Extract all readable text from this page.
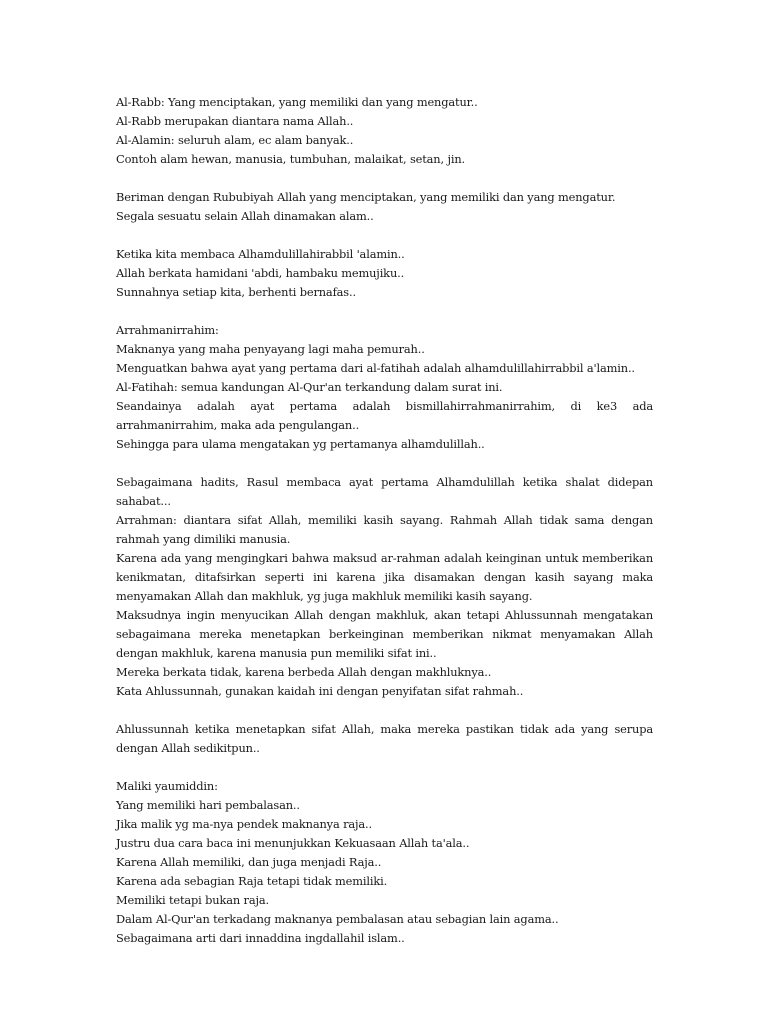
Al-Rabb: Yang menciptakan, yang memiliki dan yang mengatur..

Al-Rabb merupakan diantara nama Allah..

Al-Alamin: seluruh alam, ec alam banyak..

Contoh alam hewan, manusia, tumbuhan, malaikat, setan, jin.

Beriman dengan Rububiyah Allah yang menciptakan, yang memiliki dan yang mengatur.

Segala sesuatu selain Allah dinamakan alam..

Ketika kita membaca Alhamdulillahirabbil 'alamin..

Allah berkata hamidani 'abdi, hambaku memujiku..

Sunnahnya setiap kita, berhenti bernafas..

Arrahmanirrahim:

Maknanya yang maha penyayang lagi maha pemurah..

Menguatkan bahwa ayat yang pertama dari al-fatihah adalah alhamdulillahirrabbil a'lamin..

Al-Fatihah: semua kandungan Al-Qur'an terkandung dalam surat ini.

Seandainya adalah ayat pertama adalah bismillahirrahmanirrahim, di ke3 ada arrahmanirrahim, maka ada pengulangan..

Sehingga para ulama mengatakan yg pertamanya alhamdulillah..

Sebagaimana hadits, Rasul membaca ayat pertama Alhamdulillah ketika shalat didepan sahabat...

Arrahman: diantara sifat Allah, memiliki kasih sayang. Rahmah Allah tidak sama dengan rahmah yang dimiliki manusia.

Karena ada yang mengingkari bahwa maksud ar-rahman adalah keinginan untuk memberikan kenikmatan, ditafsirkan seperti ini karena jika disamakan dengan kasih sayang maka menyamakan Allah dan makhluk, yg juga makhluk memiliki kasih sayang.

Maksudnya ingin menyucikan Allah dengan makhluk, akan tetapi Ahlussunnah mengatakan sebagaimana mereka menetapkan berkeinginan memberikan nikmat menyamakan Allah dengan makhluk, karena manusia pun memiliki sifat ini..

Mereka berkata tidak, karena berbeda Allah dengan makhluknya..

Kata Ahlussunnah, gunakan kaidah ini dengan penyifatan sifat rahmah..

Ahlussunnah ketika menetapkan sifat Allah, maka mereka pastikan tidak ada yang serupa dengan Allah sedikitpun..

Maliki yaumiddin:

Yang memiliki hari pembalasan..

Jika malik yg ma-nya pendek maknanya raja..

Justru dua cara baca ini menunjukkan Kekuasaan Allah ta'ala..

Karena Allah memiliki, dan juga menjadi Raja..

Karena ada sebagian Raja tetapi tidak memiliki.

Memiliki tetapi bukan raja.

Dalam Al-Qur'an terkadang maknanya pembalasan atau sebagian lain agama..

Sebagaimana arti dari innaddina ingdallahil islam..
